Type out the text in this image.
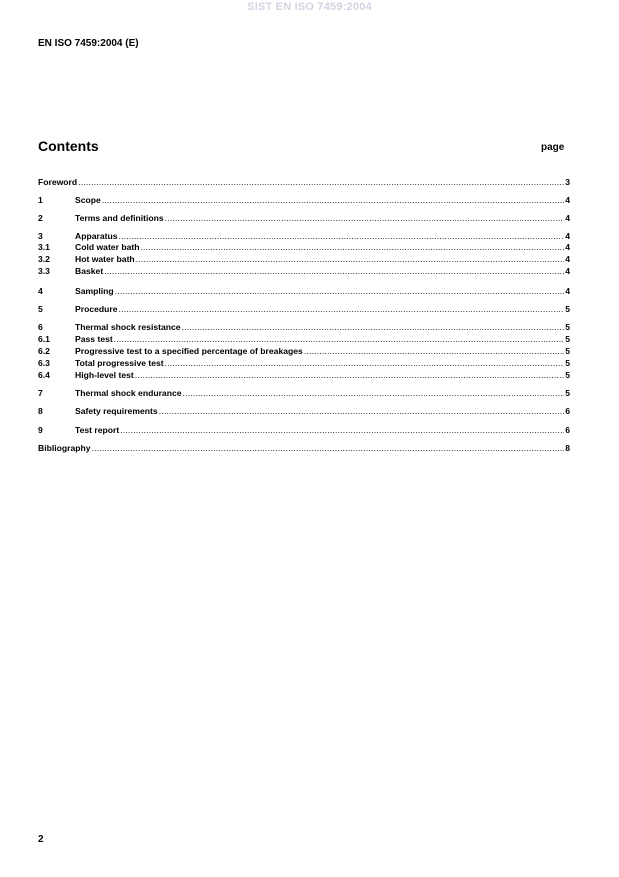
SIST EN ISO 7459:2004
EN ISO 7459:2004 (E)
Contents	page
Foreword .....	3
1	Scope .....	4
2	Terms and definitions .....	4
3	Apparatus .....	4
3.1	Cold water bath .....	4
3.2	Hot water bath .....	4
3.3	Basket .....	4
4	Sampling .....	4
5	Procedure .....	5
6	Thermal shock resistance .....	5
6.1	Pass test .....	5
6.2	Progressive test to a specified percentage of breakages .....	5
6.3	Total progressive test .....	5
6.4	High-level test .....	5
7	Thermal shock endurance .....	5
8	Safety requirements .....	6
9	Test report .....	6
Bibliography .....	8
2
